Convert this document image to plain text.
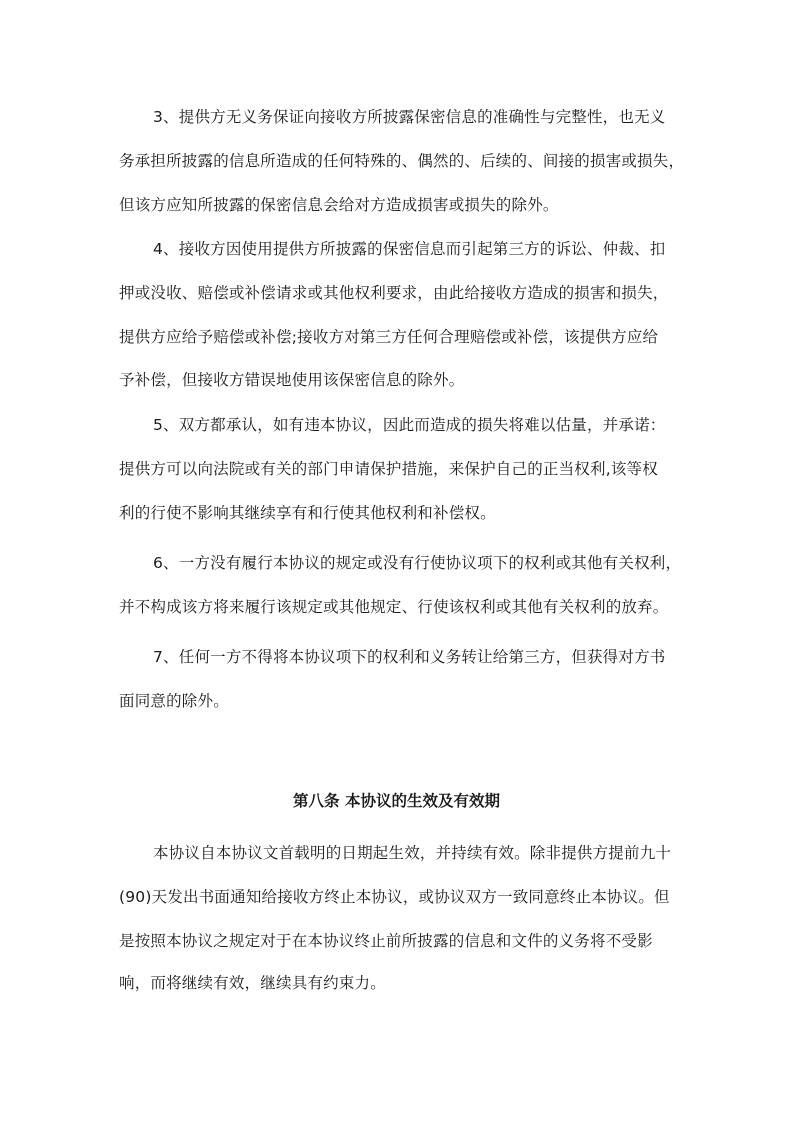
3、提供方无义务保证向接收方所披露保密信息的准确性与完整性，也无义
务承担所披露的信息所造成的任何特殊的、偶然的、后续的、间接的损害或损失，
但该方应知所披露的保密信息会给对方造成损害或损失的除外。
4、接收方因使用提供方所披露的保密信息而引起第三方的诉讼、仲裁、扣
押或没收、赔偿或补偿请求或其他权利要求，由此给接收方造成的损害和损失，
提供方应给予赔偿或补偿;接收方对第三方任何合理赔偿或补偿，该提供方应给
予补偿，但接收方错误地使用该保密信息的除外。
5、双方都承认，如有违本协议，因此而造成的损失将难以估量，并承诺：
提供方可以向法院或有关的部门申请保护措施，来保护自己的正当权利,该等权
利的行使不影响其继续享有和行使其他权利和补偿权。
6、一方没有履行本协议的规定或没有行使协议项下的权利或其他有关权利，
并不构成该方将来履行该规定或其他规定、行使该权利或其他有关权利的放弃。
7、任何一方不得将本协议项下的权利和义务转让给第三方，但获得对方书
面同意的除外。
第八条 本协议的生效及有效期
本协议自本协议文首载明的日期起生效，并持续有效。除非提供方提前九十
(90)天发出书面通知给接收方终止本协议，或协议双方一致同意终止本协议。但
是按照本协议之规定对于在本协议终止前所披露的信息和文件的义务将不受影
响，而将继续有效，继续具有约束力。
